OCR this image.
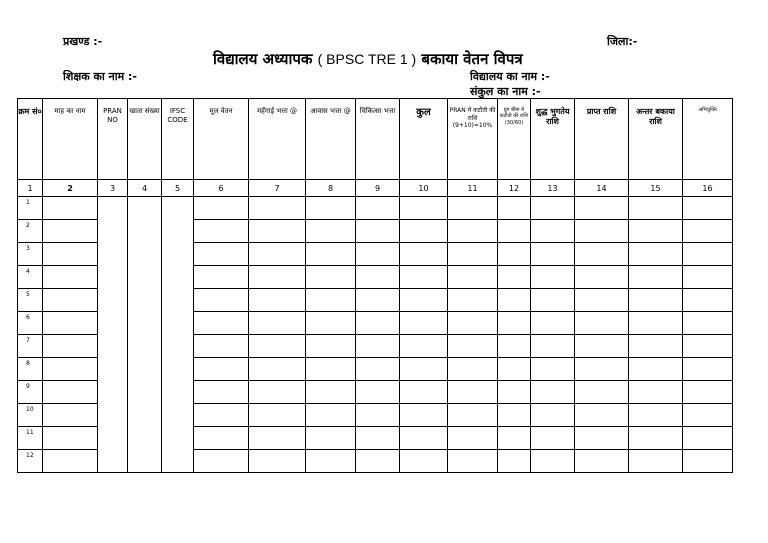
प्रखण्ड :-	जिला:-
विद्यालय अध्यापक ( BPSC TRE 1 ) बकाया वेतन विपत्र
शिक्षक का नाम :-	विद्यालय का नाम :-
संकुल का नाम :-
क्रम सं०	माह का नाम	PRAN NO	खाता संख्या	IFSC CODE	मूल वेतन	महँगाई भत्ता @	आवास भत्ता @	चिकित्सा भत्ता	कुल	PRAN में कटौती की राशि (9+10)=10%	ग्रुप बीमा में कटौती की राशि (30/60)	शुद्ध भुगतेय राशि	प्राप्त राशि	अन्तर बकाया राशि	अभियुक्ति
1	2	3	4	5	6	7	8	9	10	11	12	13	14	15	16
1															
2															
3															
4															
5															
6															
7															
8															
9															
10															
11															
12															
